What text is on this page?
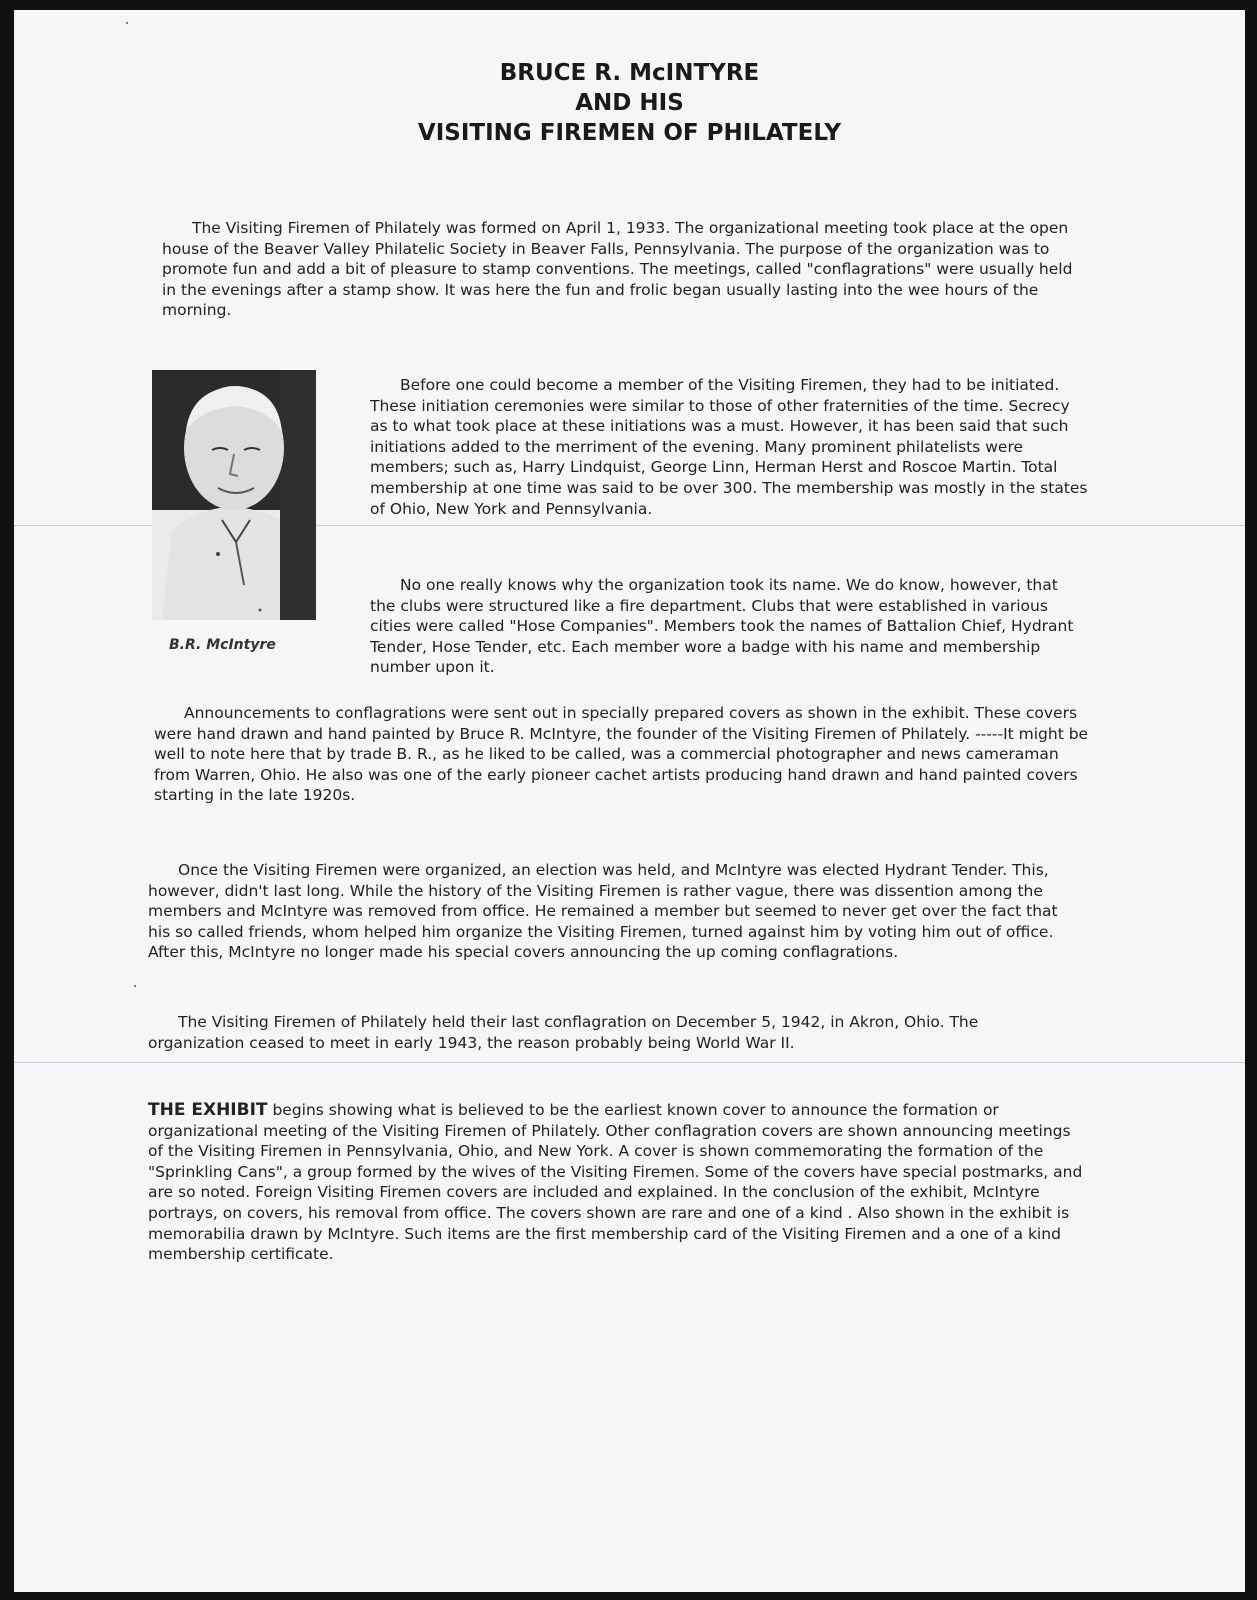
BRUCE R. McINTYRE
AND HIS
VISITING FIREMEN OF PHILATELY

The Visiting Firemen of Philately was formed on April 1, 1933. The organizational meeting took place at the open house of the Beaver Valley Philatelic Society in Beaver Falls, Pennsylvania. The purpose of the organization was to promote fun and add a bit of pleasure to stamp conventions. The meetings, called "conflagrations" were usually held in the evenings after a stamp show. It was here the fun and frolic began usually lasting into the wee hours of the morning.

B.R. McIntyre

Before one could become a member of the Visiting Firemen, they had to be initiated. These initiation ceremonies were similar to those of other fraternities of the time. Secrecy as to what took place at these initiations was a must. However, it has been said that such initiations added to the merriment of the evening. Many prominent philatelists were members; such as, Harry Lindquist, George Linn, Herman Herst and Roscoe Martin. Total membership at one time was said to be over 300. The membership was mostly in the states of Ohio, New York and Pennsylvania.

No one really knows why the organization took its name. We do know, however, that the clubs were structured like a fire department. Clubs that were established in various cities were called "Hose Companies". Members took the names of Battalion Chief, Hydrant Tender, Hose Tender, etc. Each member wore a badge with his name and membership number upon it.

Announcements to conflagrations were sent out in specially prepared covers as shown in the exhibit. These covers were hand drawn and hand painted by Bruce R. McIntyre, the founder of the Visiting Firemen of Philately. -----It might be well to note here that by trade B. R., as he liked to be called, was a commercial photographer and news cameraman from Warren, Ohio. He also was one of the early pioneer cachet artists producing hand drawn and hand painted covers starting in the late 1920s.

Once the Visiting Firemen were organized, an election was held, and McIntyre was elected Hydrant Tender. This, however, didn't last long. While the history of the Visiting Firemen is rather vague, there was dissention among the members and McIntyre was removed from office. He remained a member but seemed to never get over the fact that his so called friends, whom helped him organize the Visiting Firemen, turned against him by voting him out of office. After this, McIntyre no longer made his special covers announcing the up coming conflagrations.

The Visiting Firemen of Philately held their last conflagration on December 5, 1942, in Akron, Ohio. The organization ceased to meet in early 1943, the reason probably being World War II.

THE EXHIBIT begins showing what is believed to be the earliest known cover to announce the formation or organizational meeting of the Visiting Firemen of Philately. Other conflagration covers are shown announcing meetings of the Visiting Firemen in Pennsylvania, Ohio, and New York. A cover is shown commemorating the formation of the "Sprinkling Cans", a group formed by the wives of the Visiting Firemen. Some of the covers have special postmarks, and are so noted. Foreign Visiting Firemen covers are included and explained. In the conclusion of the exhibit, McIntyre portrays, on covers, his removal from office. The covers shown are rare and one of a kind . Also shown in the exhibit is memorabilia drawn by McIntyre. Such items are the first membership card of the Visiting Firemen and a one of a kind membership certificate.
